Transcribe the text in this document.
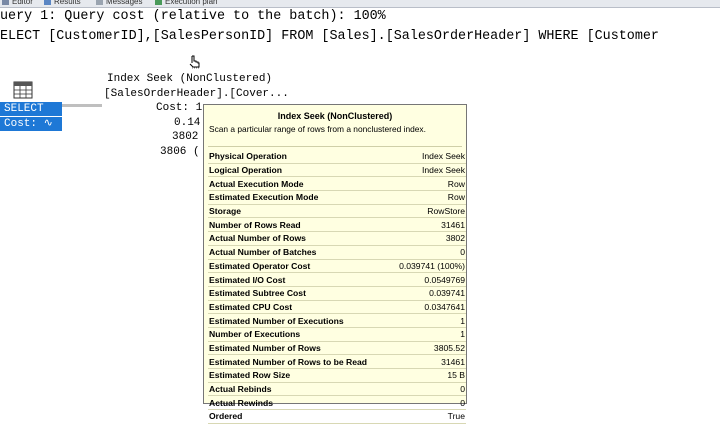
Editor	Results	Messages	Execution plan
uery 1: Query cost (relative to the batch): 100%
ELECT [CustomerID],[SalesPersonID] FROM [Sales].[SalesOrderHeader] WHERE [Customer
SELECT
Cost: ∿ %
Index Seek (NonClustered)
[SalesOrderHeader].[Cover...
Cost: 1
0.14
3802
3806 (
Index Seek (NonClustered)
Scan a particular range of rows from a nonclustered index.
Physical Operation	Index Seek
Logical Operation	Index Seek
Actual Execution Mode	Row
Estimated Execution Mode	Row
Storage	RowStore
Number of Rows Read	31461
Actual Number of Rows	3802
Actual Number of Batches	0
Estimated Operator Cost	0.039741 (100%)
Estimated I/O Cost	0.0549769
Estimated Subtree Cost	0.039741
Estimated CPU Cost	0.0347641
Estimated Number of Executions	1
Number of Executions	1
Estimated Number of Rows	3805.52
Estimated Number of Rows to be Read	31461
Estimated Row Size	15 B
Actual Rebinds	0
Actual Rewinds	0
Ordered	True
